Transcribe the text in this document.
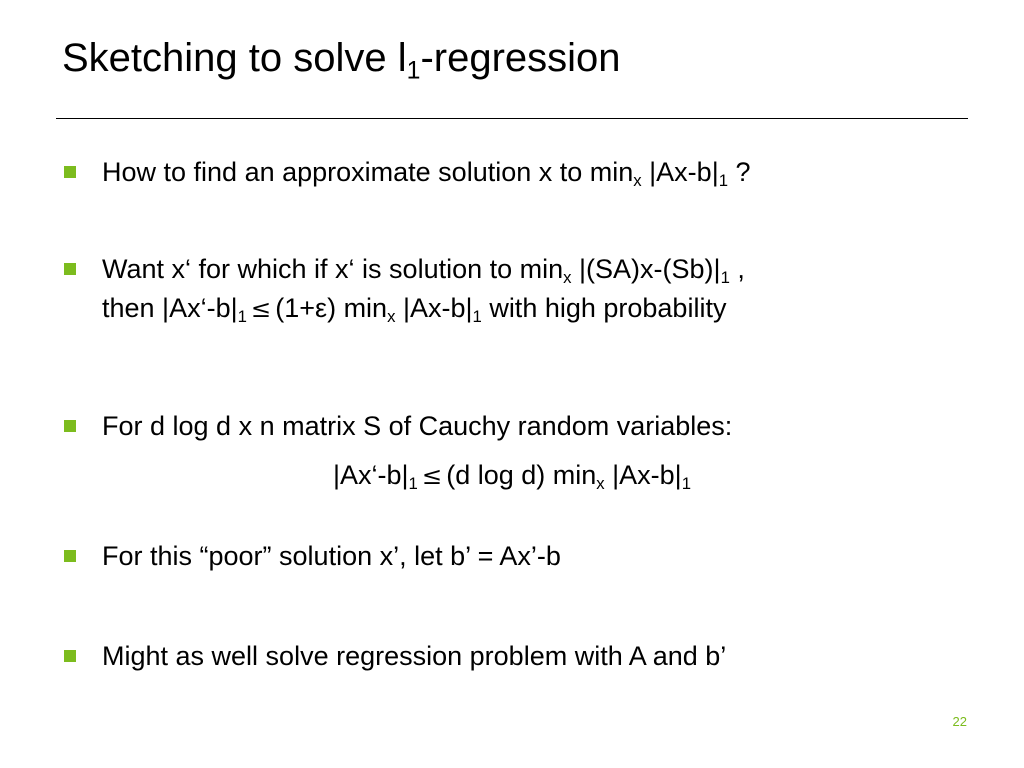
Sketching to solve $l_1$-regression
How to find an approximate solution x to $\min_x |Ax-b|_1$ ?
Want x‘ for which if x‘ is solution to $\min_x |(SA)x-(Sb)|_1$ ,
then $|Ax‘-b|_1 \le (1+\varepsilon)$ $\min_x |Ax-b|_1$ with high probability
For d log d x n matrix S of Cauchy random variables:
$|Ax‘-b|_1 \le (d$ log d) $\min_x |Ax-b|_1$
For this “poor” solution x’, let b’ = Ax’-b
Might as well solve regression problem with A and b’
22
